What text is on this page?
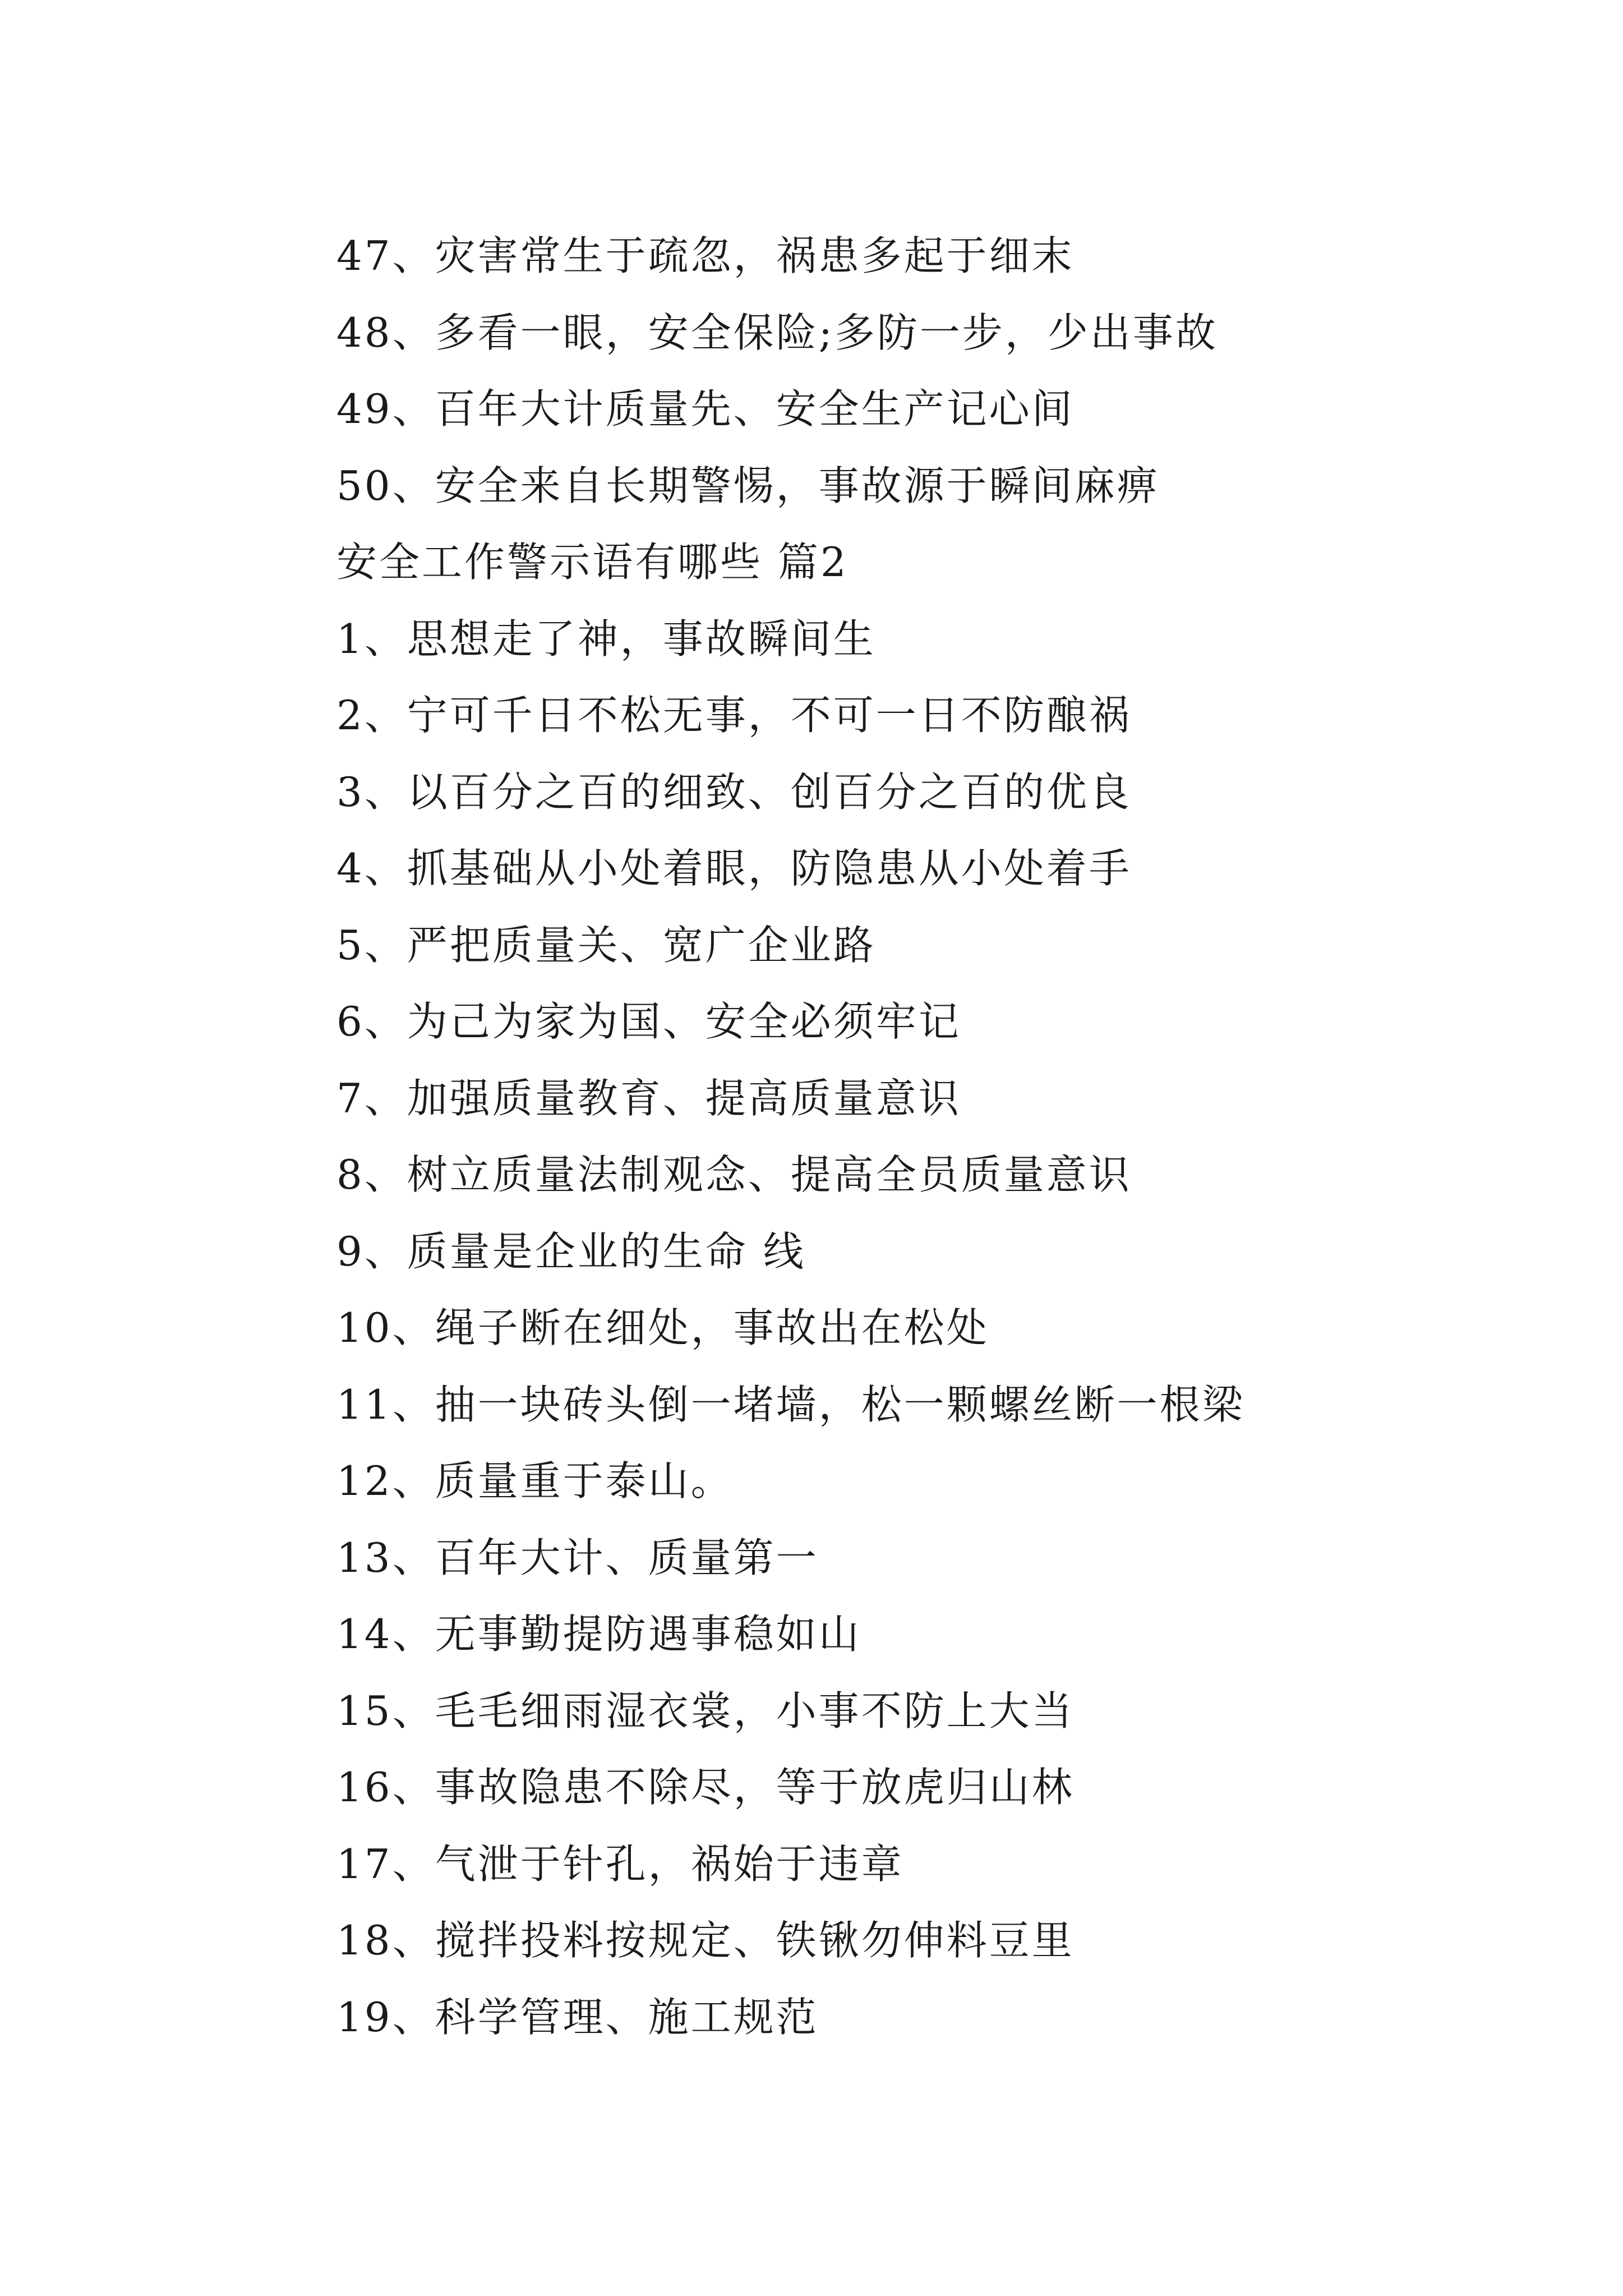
47、灾害常生于疏忽，祸患多起于细末
48、多看一眼，安全保险;多防一步，少出事故
49、百年大计质量先、安全生产记心间
50、安全来自长期警惕，事故源于瞬间麻痹
安全工作警示语有哪些 篇2
1、思想走了神，事故瞬间生
2、宁可千日不松无事，不可一日不防酿祸
3、以百分之百的细致、创百分之百的优良
4、抓基础从小处着眼，防隐患从小处着手
5、严把质量关、宽广企业路
6、为己为家为国、安全必须牢记
7、加强质量教育、提高质量意识
8、树立质量法制观念、提高全员质量意识
9、质量是企业的生命 线
10、绳子断在细处，事故出在松处
11、抽一块砖头倒一堵墙，松一颗螺丝断一根梁
12、质量重于泰山。
13、百年大计、质量第一
14、无事勤提防遇事稳如山
15、毛毛细雨湿衣裳，小事不防上大当
16、事故隐患不除尽，等于放虎归山林
17、气泄于针孔，祸始于违章
18、搅拌投料按规定、铁锹勿伸料豆里
19、科学管理、施工规范
